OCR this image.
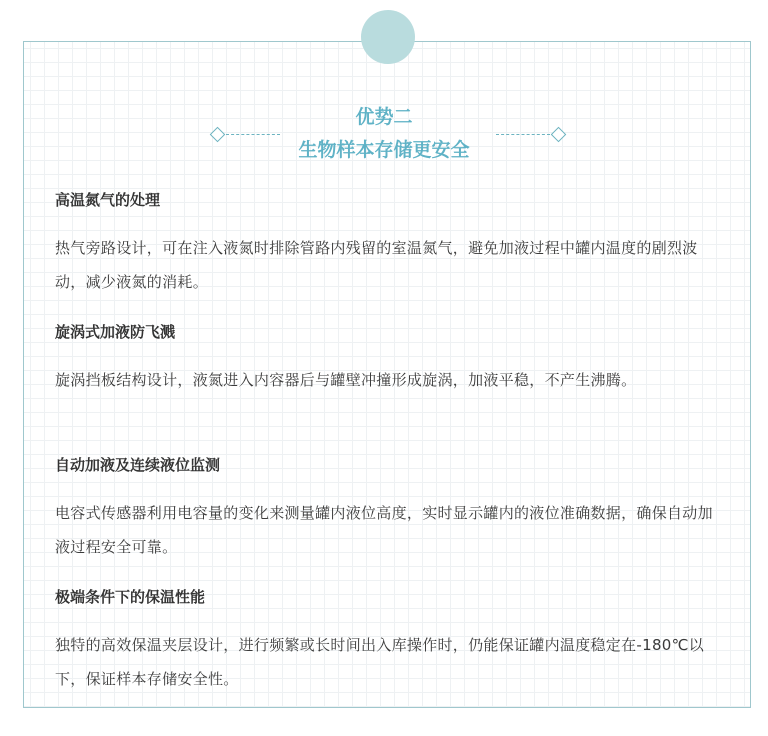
优势二
生物样本存储更安全
高温氮气的处理
热气旁路设计，可在注入液氮时排除管路内残留的室温氮气，避免加液过程中罐内温度的剧烈波动，减少液氮的消耗。
旋涡式加液防飞溅
旋涡挡板结构设计，液氮进入内容器后与罐壁冲撞形成旋涡，加液平稳，不产生沸腾。
自动加液及连续液位监测
电容式传感器利用电容量的变化来测量罐内液位高度，实时显示罐内的液位准确数据，确保自动加液过程安全可靠。
极端条件下的保温性能
独特的高效保温夹层设计，进行频繁或长时间出入库操作时，仍能保证罐内温度稳定在-180℃以下，保证样本存储安全性。
